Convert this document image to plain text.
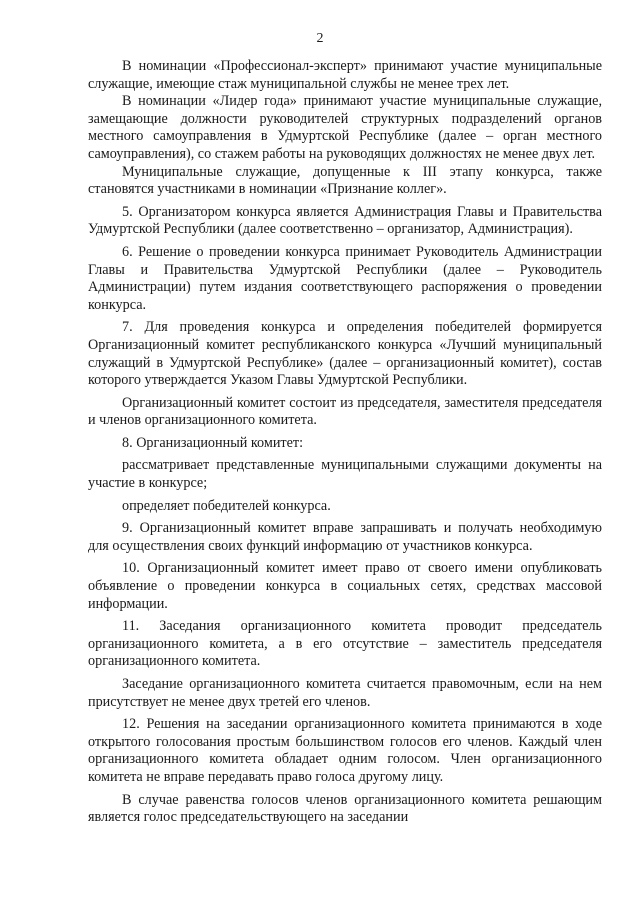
2

В номинации «Профессионал-эксперт» принимают участие муниципальные служащие, имеющие стаж муниципальной службы не менее трех лет.

В номинации «Лидер года» принимают участие муниципальные служащие, замещающие должности руководителей структурных подразделений органов местного самоуправления в Удмуртской Республике (далее – орган местного самоуправления), со стажем работы на руководящих должностях не менее двух лет.

Муниципальные служащие, допущенные к III этапу конкурса, также становятся участниками в номинации «Признание коллег».

5. Организатором конкурса является Администрация Главы и Правительства Удмуртской Республики (далее соответственно – организатор, Администрация).

6. Решение о проведении конкурса принимает Руководитель Администрации Главы и Правительства Удмуртской Республики (далее – Руководитель Администрации) путем издания соответствующего распоряжения о проведении конкурса.

7. Для проведения конкурса и определения победителей формируется Организационный комитет республиканского конкурса «Лучший муниципальный служащий в Удмуртской Республике» (далее – организационный комитет), состав которого утверждается Указом Главы Удмуртской Республики.

Организационный комитет состоит из председателя, заместителя председателя и членов организационного комитета.

8. Организационный комитет:

рассматривает представленные муниципальными служащими документы на участие в конкурсе;

определяет победителей конкурса.

9. Организационный комитет вправе запрашивать и получать необходимую для осуществления своих функций информацию от участников конкурса.

10. Организационный комитет имеет право от своего имени опубликовать объявление о проведении конкурса в социальных сетях, средствах массовой информации.

11. Заседания организационного комитета проводит председатель организационного комитета, а в его отсутствие – заместитель председателя организационного комитета.

Заседание организационного комитета считается правомочным, если на нем присутствует не менее двух третей его членов.

12. Решения на заседании организационного комитета принимаются в ходе открытого голосования простым большинством голосов его членов. Каждый член организационного комитета обладает одним голосом. Член организационного комитета не вправе передавать право голоса другому лицу.

В случае равенства голосов членов организационного комитета решающим является голос председательствующего на заседании
